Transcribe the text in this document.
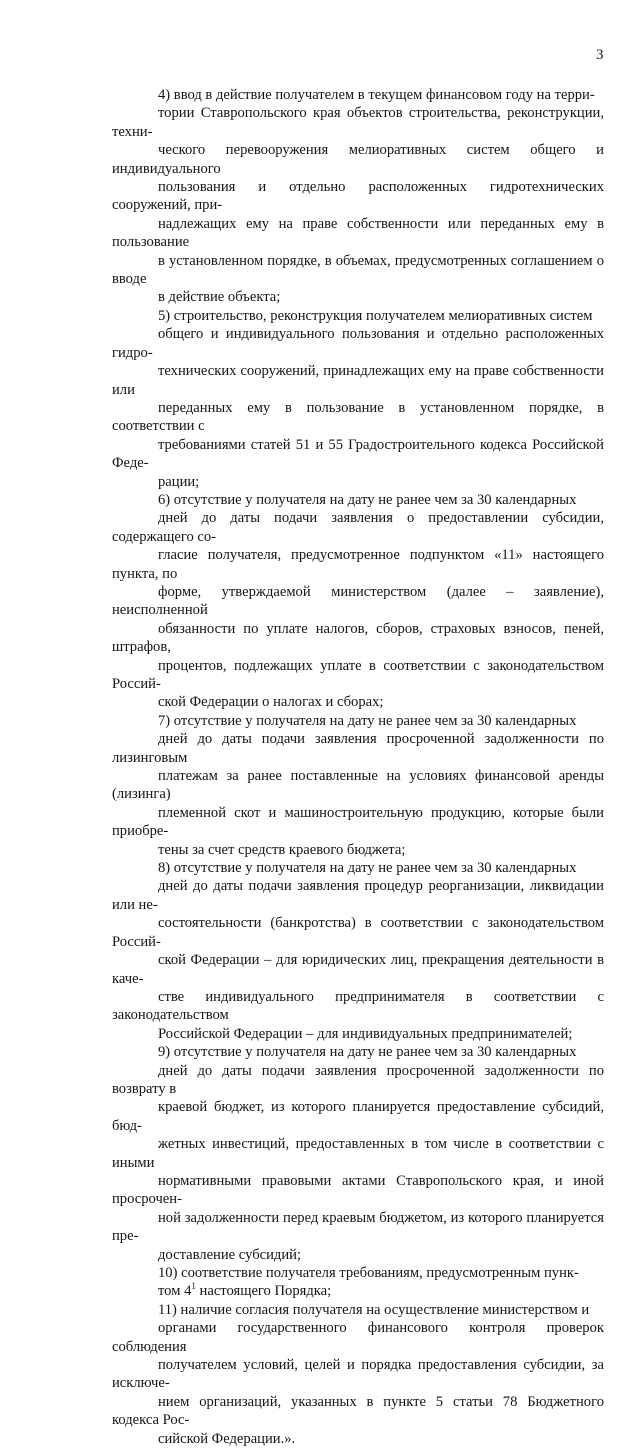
3

4) ввод в действие получателем в текущем финансовом году на терри-
тории Ставропольского края объектов строительства, реконструкции, техни-
ческого перевооружения мелиоративных систем общего и индивидуального
пользования и отдельно расположенных гидротехнических сооружений, при-
надлежащих ему на праве собственности или переданных ему в пользование
в установленном порядке, в объемах, предусмотренных соглашением о вводе
в действие объекта;

5) строительство, реконструкция получателем мелиоративных систем
общего и индивидуального пользования и отдельно расположенных гидро-
технических сооружений, принадлежащих ему на праве собственности или
переданных ему в пользование в установленном порядке, в соответствии с
требованиями статей 51 и 55 Градостроительного кодекса Российской Феде-
рации;

6) отсутствие у получателя на дату не ранее чем за 30 календарных
дней до даты подачи заявления о предоставлении субсидии, содержащего со-
гласие получателя, предусмотренное подпунктом «11» настоящего пункта, по
форме, утверждаемой министерством (далее – заявление), неисполненной
обязанности по уплате налогов, сборов, страховых взносов, пеней, штрафов,
процентов, подлежащих уплате в соответствии с законодательством Россий-
ской Федерации о налогах и сборах;

7) отсутствие у получателя на дату не ранее чем за 30 календарных
дней до даты подачи заявления просроченной задолженности по лизинговым
платежам за ранее поставленные на условиях финансовой аренды (лизинга)
племенной скот и машиностроительную продукцию, которые были приобре-
тены за счет средств краевого бюджета;

8) отсутствие у получателя на дату не ранее чем за 30 календарных
дней до даты подачи заявления процедур реорганизации, ликвидации или не-
состоятельности (банкротства) в соответствии с законодательством Россий-
ской Федерации – для юридических лиц, прекращения деятельности в каче-
стве индивидуального предпринимателя в соответствии с законодательством
Российской Федерации – для индивидуальных предпринимателей;

9) отсутствие у получателя на дату не ранее чем за 30 календарных
дней до даты подачи заявления просроченной задолженности по возврату в
краевой бюджет, из которого планируется предоставление субсидий, бюд-
жетных инвестиций, предоставленных в том числе в соответствии с иными
нормативными правовыми актами Ставропольского края, и иной просрочен-
ной задолженности перед краевым бюджетом, из которого планируется пре-
доставление субсидий;

10) соответствие получателя требованиям, предусмотренным пунк-
том $4^1$ настоящего Порядка;

11) наличие согласия получателя на осуществление министерством и
органами государственного финансового контроля проверок соблюдения
получателем условий, целей и порядка предоставления субсидии, за исключе-
нием организаций, указанных в пункте 5 статьи 78 Бюджетного кодекса Рос-
сийской Федерации.».
